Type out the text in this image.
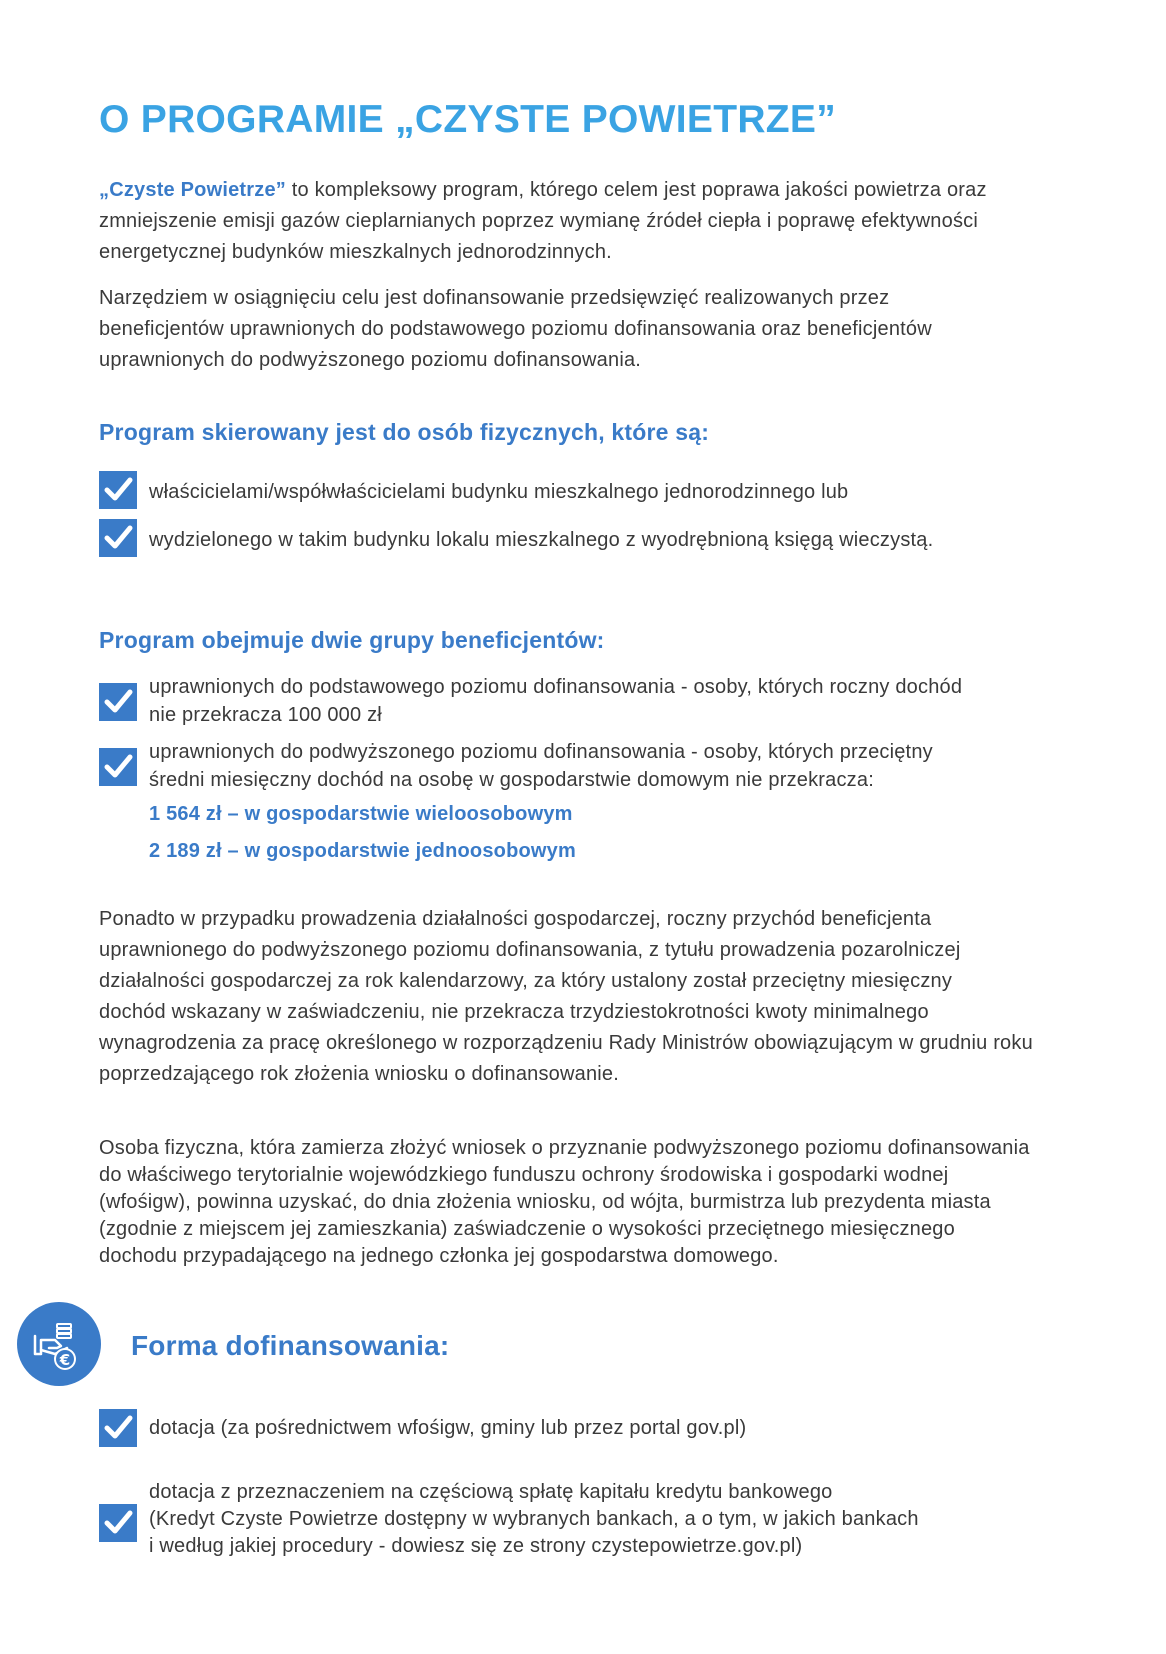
O PROGRAMIE „CZYSTE POWIETRZE”

„Czyste Powietrze” to kompleksowy program, którego celem jest poprawa jakości powietrza oraz
zmniejszenie emisji gazów cieplarnianych poprzez wymianę źródeł ciepła i poprawę efektywności
energetycznej budynków mieszkalnych jednorodzinnych.

Narzędziem w osiągnięciu celu jest dofinansowanie przedsięwzięć realizowanych przez
beneficjentów uprawnionych do podstawowego poziomu dofinansowania oraz beneficjentów
uprawnionych do podwyższonego poziomu dofinansowania.

Program skierowany jest do osób fizycznych, które są:
właścicielami/współwłaścicielami budynku mieszkalnego jednorodzinnego lub
wydzielonego w takim budynku lokalu mieszkalnego z wyodrębnioną księgą wieczystą.
Program obejmuje dwie grupy beneficjentów:
uprawnionych do podstawowego poziomu dofinansowania - osoby, których roczny dochód
nie przekracza 100 000 zł
uprawnionych do podwyższonego poziomu dofinansowania - osoby, których przeciętny
średni miesięczny dochód na osobę w gospodarstwie domowym nie przekracza:
1 564 zł – w gospodarstwie wieloosobowym
2 189 zł – w gospodarstwie jednoosobowym

Ponadto w przypadku prowadzenia działalności gospodarczej, roczny przychód beneficjenta
uprawnionego do podwyższonego poziomu dofinansowania, z tytułu prowadzenia pozarolniczej
działalności gospodarczej za rok kalendarzowy, za który ustalony został przeciętny miesięczny
dochód wskazany w zaświadczeniu, nie przekracza trzydziestokrotności kwoty minimalnego
wynagrodzenia za pracę określonego w rozporządzeniu Rady Ministrów obowiązującym w grudniu roku
poprzedzającego rok złożenia wniosku o dofinansowanie.

Osoba fizyczna, która zamierza złożyć wniosek o przyznanie podwyższonego poziomu dofinansowania
do właściwego terytorialnie wojewódzkiego funduszu ochrony środowiska i gospodarki wodnej
(wfośigw), powinna uzyskać, do dnia złożenia wniosku, od wójta, burmistrza lub prezydenta miasta
(zgodnie z miejscem jej zamieszkania) zaświadczenie o wysokości przeciętnego miesięcznego
dochodu przypadającego na jednego członka jej gospodarstwa domowego.

€ Forma dofinansowania:
dotacja (za pośrednictwem wfośigw, gminy lub przez portal gov.pl)
dotacja z przeznaczeniem na częściową spłatę kapitału kredytu bankowego
(Kredyt Czyste Powietrze dostępny w wybranych bankach, a o tym, w jakich bankach
i według jakiej procedury - dowiesz się ze strony czystepowietrze.gov.pl)
